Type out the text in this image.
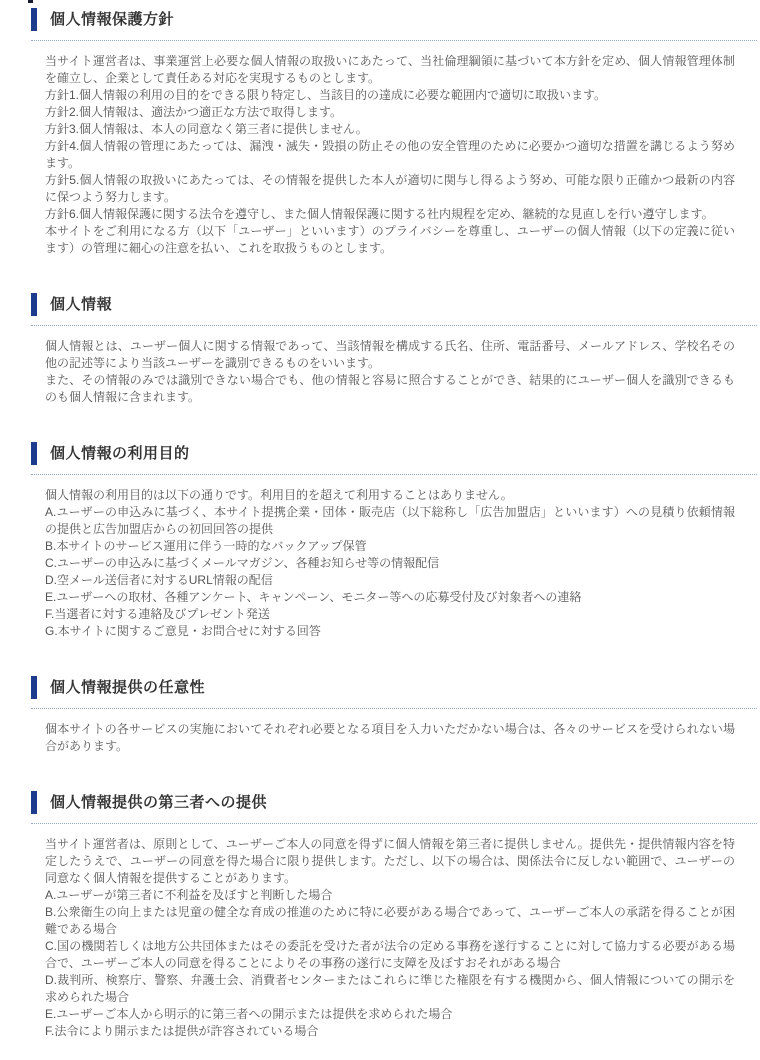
個人情報保護方針

当サイト運営者は、事業運営上必要な個人情報の取扱いにあたって、当社倫理綱領に基づいて本方針を定め、個人情報管理体制を確立し、企業として責任ある対応を実現するものとします。

方針1.個人情報の利用の目的をできる限り特定し、当該目的の達成に必要な範囲内で適切に取扱います。

方針2.個人情報は、適法かつ適正な方法で取得します。

方針3.個人情報は、本人の同意なく第三者に提供しません。

方針4.個人情報の管理にあたっては、漏洩・滅失・毀損の防止その他の安全管理のために必要かつ適切な措置を講じるよう努めます。

方針5.個人情報の取扱いにあたっては、その情報を提供した本人が適切に関与し得るよう努め、可能な限り正確かつ最新の内容に保つよう努力します。

方針6.個人情報保護に関する法令を遵守し、また個人情報保護に関する社内規程を定め、継続的な見直しを行い遵守します。

本サイトをご利用になる方（以下「ユーザー」といいます）のプライバシーを尊重し、ユーザーの個人情報（以下の定義に従います）の管理に細心の注意を払い、これを取扱うものとします。

個人情報

個人情報とは、ユーザー個人に関する情報であって、当該情報を構成する氏名、住所、電話番号、メールアドレス、学校名その他の記述等により当該ユーザーを識別できるものをいいます。

また、その情報のみでは識別できない場合でも、他の情報と容易に照合することができ、結果的にユーザー個人を識別できるものも個人情報に含まれます。

個人情報の利用目的

個人情報の利用目的は以下の通りです。利用目的を超えて利用することはありません。

A.ユーザーの申込みに基づく、本サイト提携企業・団体・販売店（以下総称し「広告加盟店」といいます）への見積り依頼情報の提供と広告加盟店からの初回回答の提供

B.本サイトのサービス運用に伴う一時的なバックアップ保管

C.ユーザーの申込みに基づくメールマガジン、各種お知らせ等の情報配信

D.空メール送信者に対するURL情報の配信

E.ユーザーへの取材、各種アンケート、キャンペーン、モニター等への応募受付及び対象者への連絡

F.当選者に対する連絡及びプレゼント発送

G.本サイトに関するご意見・お問合せに対する回答

個人情報提供の任意性

個本サイトの各サービスの実施においてそれぞれ必要となる項目を入力いただかない場合は、各々のサービスを受けられない場合があります。

個人情報提供の第三者への提供

当サイト運営者は、原則として、ユーザーご本人の同意を得ずに個人情報を第三者に提供しません。提供先・提供情報内容を特定したうえで、ユーザーの同意を得た場合に限り提供します。ただし、以下の場合は、関係法令に反しない範囲で、ユーザーの同意なく個人情報を提供することがあります。

A.ユーザーが第三者に不利益を及ぼすと判断した場合

B.公衆衛生の向上または児童の健全な育成の推進のために特に必要がある場合であって、ユーザーご本人の承諾を得ることが困難である場合

C.国の機関若しくは地方公共団体またはその委託を受けた者が法令の定める事務を遂行することに対して協力する必要がある場合で、ユーザーご本人の同意を得ることによりその事務の遂行に支障を及ぼすおそれがある場合

D.裁判所、検察庁、警察、弁護士会、消費者センターまたはこれらに準じた権限を有する機関から、個人情報についての開示を求められた場合

E.ユーザーご本人から明示的に第三者への開示または提供を求められた場合

F.法令により開示または提供が許容されている場合
